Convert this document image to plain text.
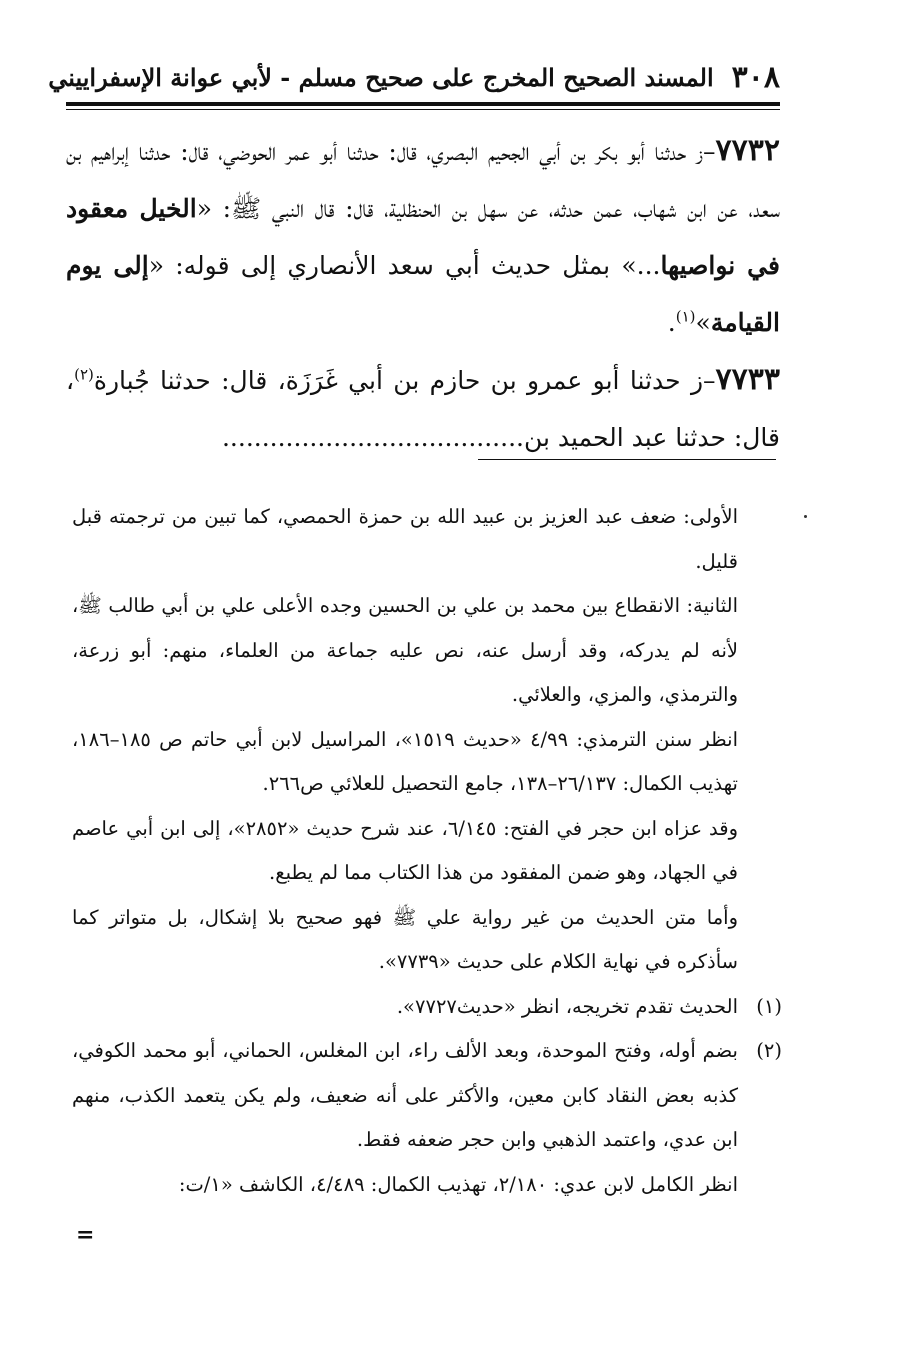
٣٠٨
المسند الصحيح المخرج على صحيح مسلم - لأبي عوانة الإسفراييني

٧٧٣٢–ز حدثنا أبو بكر بن أبي الجحيم البصري، قال: حدثنا أبو عمر الحوضي، قال: حدثنا إبراهيم بن سعد، عن ابن شهاب، عمن حدثه، عن سهل بن الحنظلية، قال: قال النبي ﷺ: «الخيل معقود في نواصيها...» بمثل حديث أبي سعد الأنصاري إلى قوله: «إلى يوم القيامة»$^{(١)}$.

٧٧٣٣–ز حدثنا أبو عمرو بن حازم بن أبي غَرَزَة، قال: حدثنا جُبارة$^{(٢)}$، قال: حدثنا عبد الحميد بن......................................

الأولى: ضعف عبد العزيز بن عبيد الله بن حمزة الحمصي، كما تبين من ترجمته قبل قليل.

الثانية: الانقطاع بين محمد بن علي بن الحسين وجده الأعلى علي بن أبي طالب ﷺ، لأنه لم يدركه، وقد أرسل عنه، نص عليه جماعة من العلماء، منهم: أبو زرعة، والترمذي، والمزي، والعلائي.

انظر سنن الترمذي: ٤/٩٩ «حديث ١٥١٩»، المراسيل لابن أبي حاتم ص ١٨٥–١٨٦، تهذيب الكمال: ٢٦/١٣٧–١٣٨، جامع التحصيل للعلائي ص٢٦٦.

وقد عزاه ابن حجر في الفتح: ٦/١٤٥، عند شرح حديث «٢٨٥٢»، إلى ابن أبي عاصم في الجهاد، وهو ضمن المفقود من هذا الكتاب مما لم يطبع.

وأما متن الحديث من غير رواية علي ﷺ فهو صحيح بلا إشكال، بل متواتر كما سأذكره في نهاية الكلام على حديث «٧٧٣٩».

(١)
الحديث تقدم تخريجه، انظر «حديث٧٧٢٧».

(٢)
بضم أوله، وفتح الموحدة، وبعد الألف راء، ابن المغلس، الحماني، أبو محمد الكوفي، كذبه بعض النقاد كابن معين، والأكثر على أنه ضعيف، ولم يكن يتعمد الكذب، منهم ابن عدي، واعتمد الذهبي وابن حجر ضعفه فقط.

انظر الكامل لابن عدي: ٢/١٨٠، تهذيب الكمال: ٤/٤٨٩، الكاشف «١/ت:

=
